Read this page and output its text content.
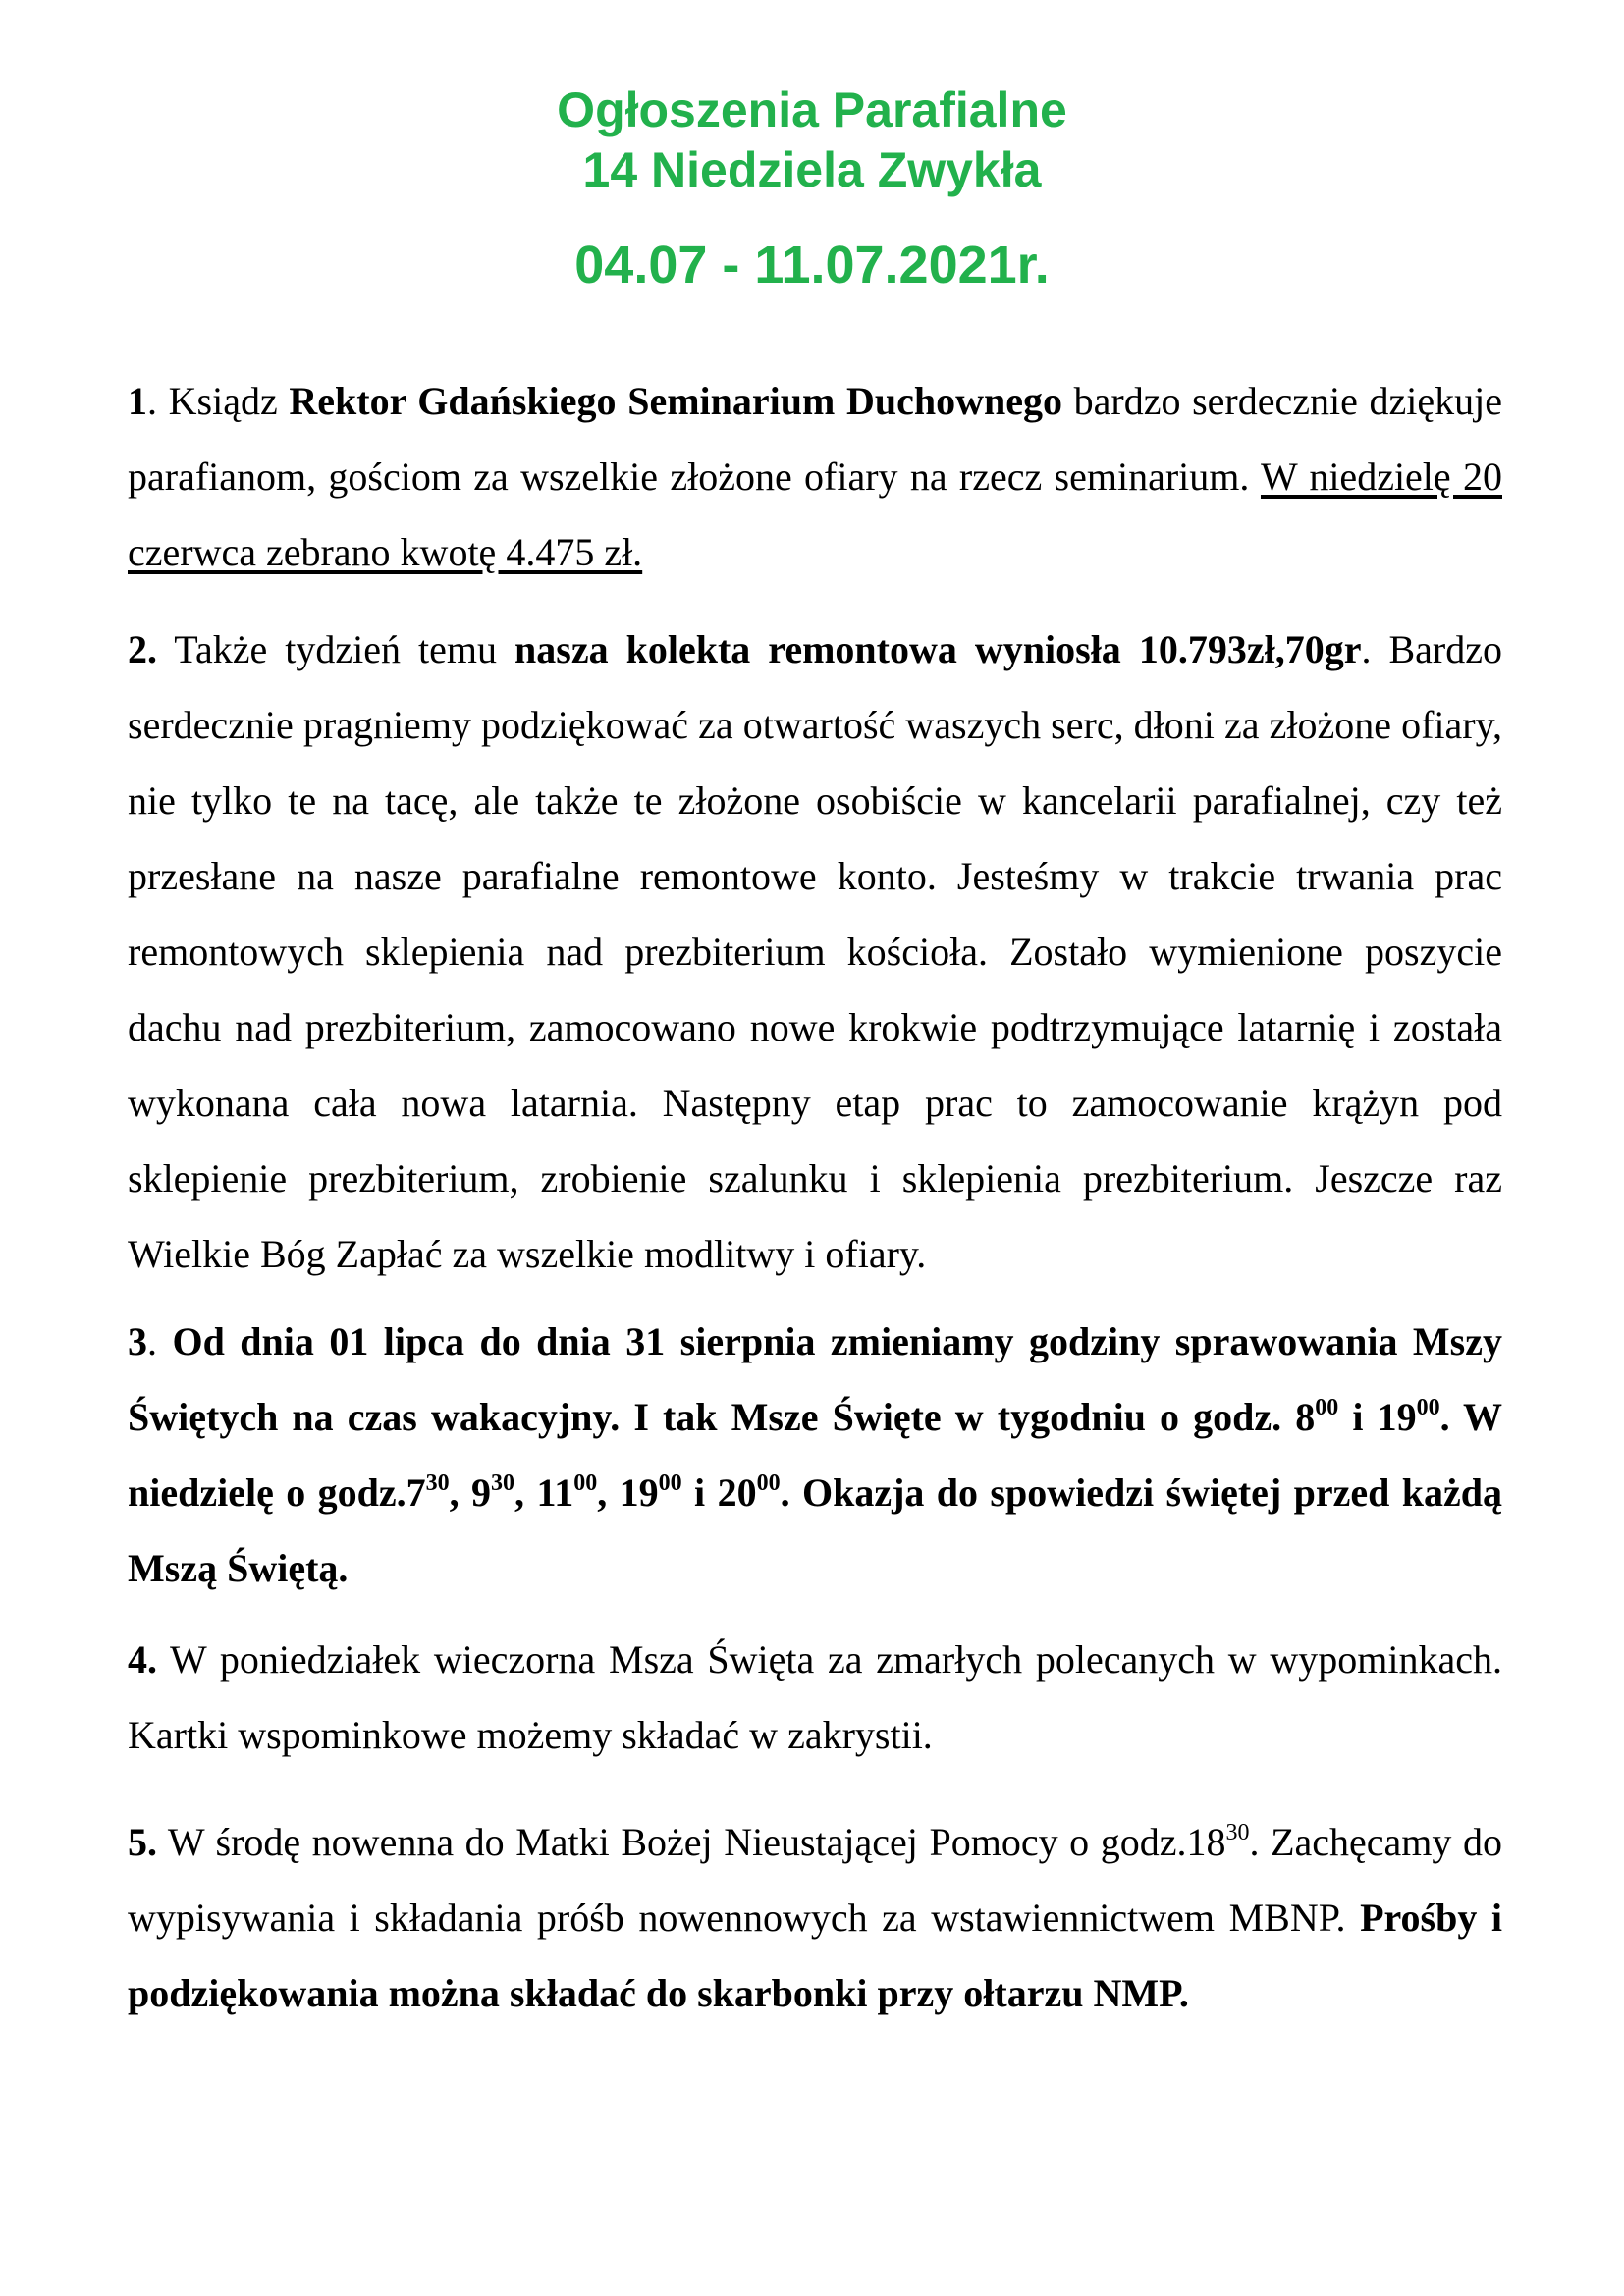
Ogłoszenia Parafialne
14 Niedziela Zwykła
04.07 - 11.07.2021r.

1. Ksiądz Rektor Gdańskiego Seminarium Duchownego bardzo serdecznie dziękuje parafianom, gościom za wszelkie złożone ofiary na rzecz seminarium. W niedzielę 20 czerwca zebrano kwotę 4.475 zł.

2. Także tydzień temu nasza kolekta remontowa wyniosła 10.793zł,70gr. Bardzo serdecznie pragniemy podziękować za otwartość waszych serc, dłoni za złożone ofiary, nie tylko te na tacę, ale także te złożone osobiście w kancelarii parafialnej, czy też przesłane na nasze parafialne remontowe konto. Jesteśmy w trakcie trwania prac remontowych sklepienia nad prezbiterium kościoła. Zostało wymienione poszycie dachu nad prezbiterium, zamocowano nowe krokwie podtrzymujące latarnię i została wykonana cała nowa latarnia. Następny etap prac to zamocowanie krążyn pod sklepienie prezbiterium, zrobienie szalunku i sklepienia prezbiterium. Jeszcze raz Wielkie Bóg Zapłać za wszelkie modlitwy i ofiary.

3. Od dnia 01 lipca do dnia 31 sierpnia zmieniamy godziny sprawowania Mszy Świętych na czas wakacyjny. I tak Msze Święte w tygodniu o godz. $8^{00}$ i $19^{00}$. W niedzielę o $godz.7^{30}$, $9^{30}$, $11^{00}$, $19^{00}$ i $20^{00}$. Okazja do spowiedzi świętej przed każdą Mszą Świętą.

4. W poniedziałek wieczorna Msza Święta za zmarłych polecanych w wypominkach. Kartki wspominkowe możemy składać w zakrystii.

5. W środę nowenna do Matki Bożej Nieustającej Pomocy o $godz.18^{30}$. Zachęcamy do wypisywania i składania próśb nowennowych za wstawiennictwem MBNP. Prośby i podziękowania można składać do skarbonki przy ołtarzu NMP.
